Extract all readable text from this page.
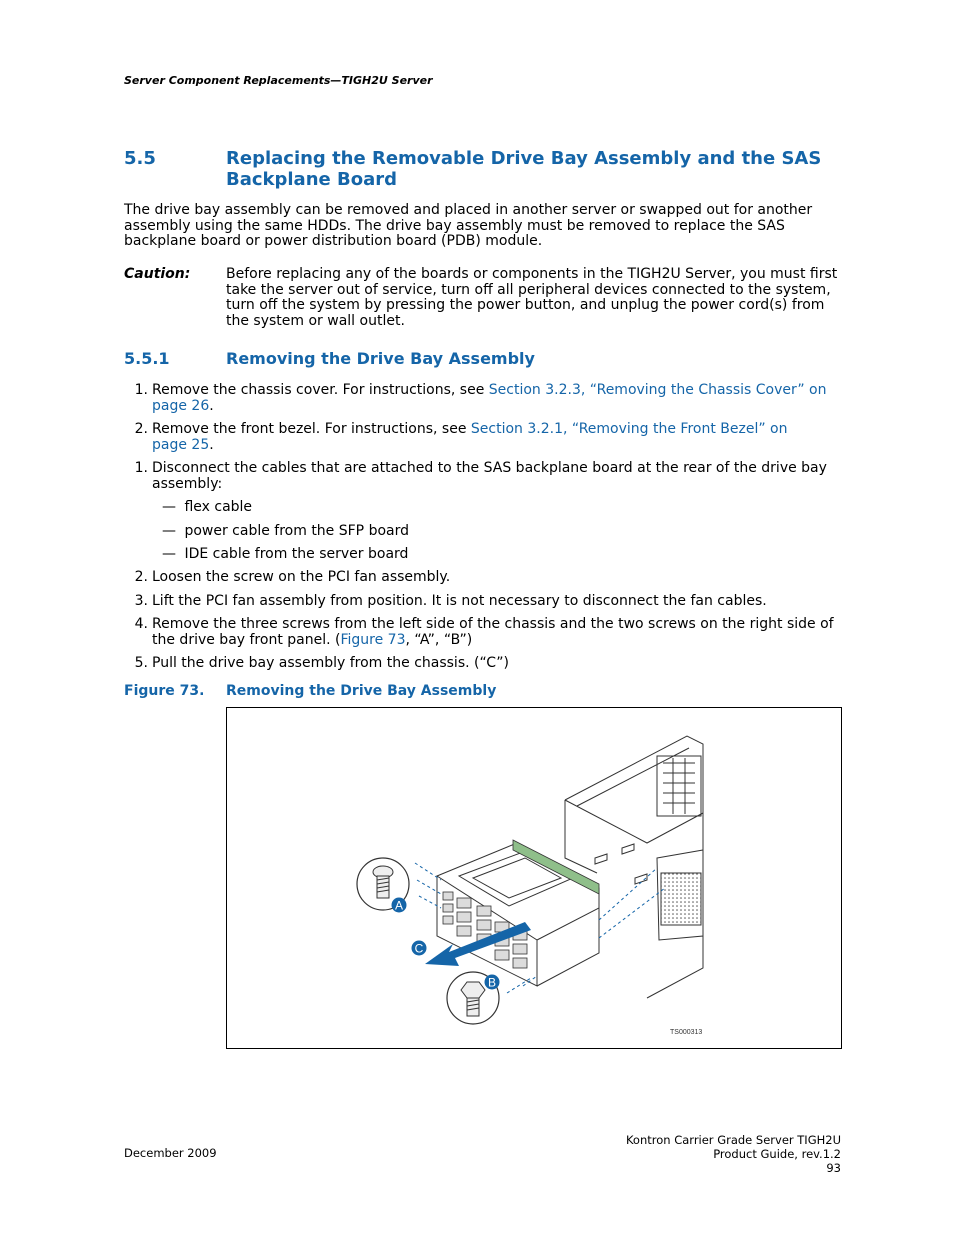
Server Component Replacements—TIGH2U Server
5.5	Replacing the Removable Drive Bay Assembly and the SAS
Backplane Board
The drive bay assembly can be removed and placed in another server or swapped out for another
assembly using the same HDDs. The drive bay assembly must be removed to replace the SAS
backplane board or power distribution board (PDB) module.
Caution:	Before replacing any of the boards or components in the TIGH2U Server, you must first
take the server out of service, turn off all peripheral devices connected to the system,
turn off the system by pressing the power button, and unplug the power cord(s) from
the system or wall outlet.
5.5.1	Removing the Drive Bay Assembly
1. Remove the chassis cover. For instructions, see Section 3.2.3, “Removing the Chassis Cover” on
page 26.
2. Remove the front bezel. For instructions, see Section 3.2.1, “Removing the Front Bezel” on
page 25.
1. Disconnect the cables that are attached to the SAS backplane board at the rear of the drive bay
assembly:
— flex cable
— power cable from the SFP board
— IDE cable from the server board
2. Loosen the screw on the PCI fan assembly.
3. Lift the PCI fan assembly from position. It is not necessary to disconnect the fan cables.
4. Remove the three screws from the left side of the chassis and the two screws on the right side of
the drive bay front panel. (Figure 73, “A”, “B”)
5. Pull the drive bay assembly from the chassis. (“C”)
Figure 73. Removing the Drive Bay Assembly
A
B
C
TS000313
December 2009
Kontron Carrier Grade Server TIGH2U
Product Guide, rev.1.2
93
